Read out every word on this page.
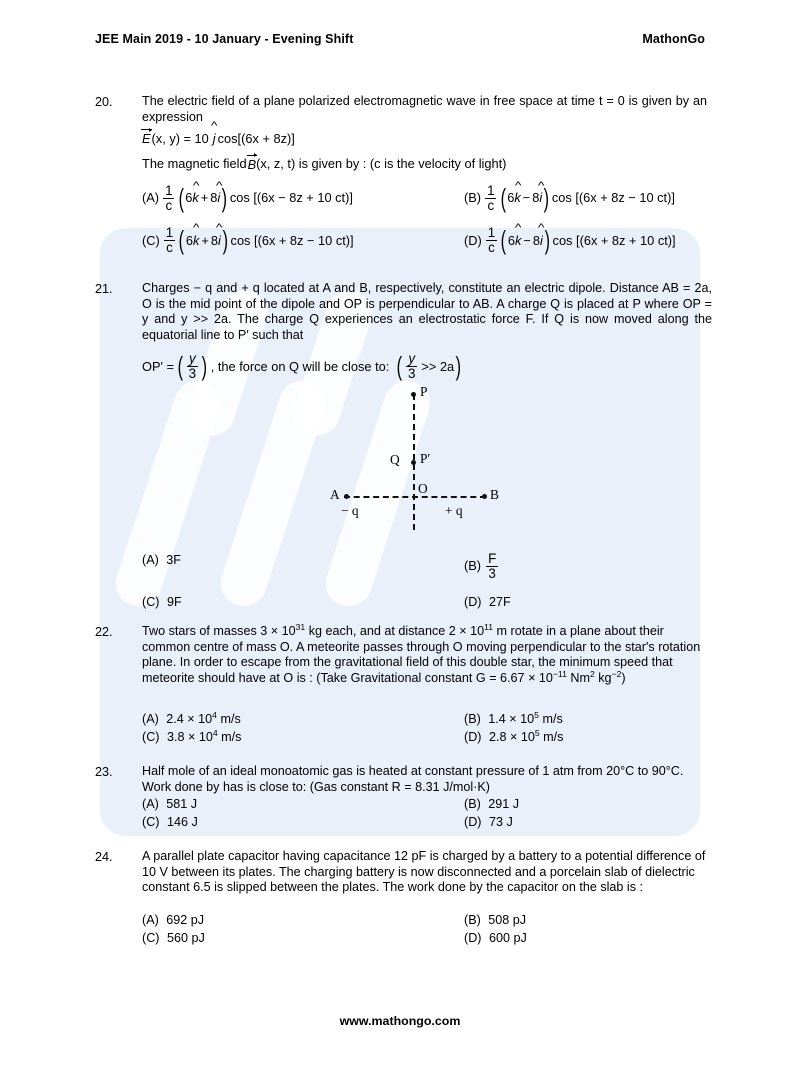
JEE Main 2019 - 10 January - Evening Shift	MathonGo
20.	The electric field of a plane polarized electromagnetic wave in free space at time t = 0 is given by an expression
E (x, y) = 10 j ^ cos[(6x + 8z)]
The magnetic field B (x, z, t) is given by : (c is the velocity of light)
$(A) \frac{1}{c}$ ( 6 k ^ + 8 i ^ ) cos [(6x − 8z + 10 ct)]	$(B) \frac{1}{c}$ ( 6 k ^ − 8 i ^ ) cos [(6x + 8z − 10 ct)]
$(C) \frac{1}{c}$ ( 6 k ^ + 8 i ^ ) cos [(6x + 8z − 10 ct)]	$(D) \frac{1}{c}$ ( 6 k ^ − 8 i ^ ) cos [(6x + 8z + 10 ct)]
21.	Charges − q and + q located at A and B, respectively, constitute an electric dipole. Distance AB = 2a, O is the mid point of the dipole and OP is perpendicular to AB. A charge Q is placed at P where OP = y and y >> 2a. The charge Q experiences an electrostatic force F. If Q is now moved along the equatorial line to P′ such that
OP' = ( $\frac{y}{3}$ ) , the force on Q will be close to: ( $\frac{y}{3} >> 2a$ )
P
Q P'
O
A
− q
B
+ q
(A) 3F	$(B) \frac{F}{3}$
(C) 9F	(D) 27F
22.	Two stars of masses $3 \times 10^{31}$ kg each, and at distance $2 \times 10^{11}$ m rotate in a plane about their common centre of mass O. A meteorite passes through O moving perpendicular to the star's rotation plane. In order to escape from the gravitational field of this double star, the minimum speed that meteorite should have at O is : (Take Gravitational constant $G = 6.67 \times 10^{-11}$ Nm$^2$ $kg^{-2}$)
(A) $2.4 \times 10^4$ m/s	(B) $1.4 \times 10^5$ m/s
(C) $3.8 \times 10^4$ m/s	(D) $2.8 \times 10^5$ m/s
23.	Half mole of an ideal monoatomic gas is heated at constant pressure of 1 atm from 20°C to 90°C. Work done by has is close to: (Gas constant R = 8.31 J/mol·K)
(A) 581 J	(B) 291 J
(C) 146 J	(D) 73 J
24.	A parallel plate capacitor having capacitance 12 pF is charged by a battery to a potential difference of 10 V between its plates. The charging battery is now disconnected and a porcelain slab of dielectric constant 6.5 is slipped between the plates. The work done by the capacitor on the slab is :
(A) 692 pJ	(B) 508 pJ
(C) 560 pJ	(D) 600 pJ
www.mathongo.com
